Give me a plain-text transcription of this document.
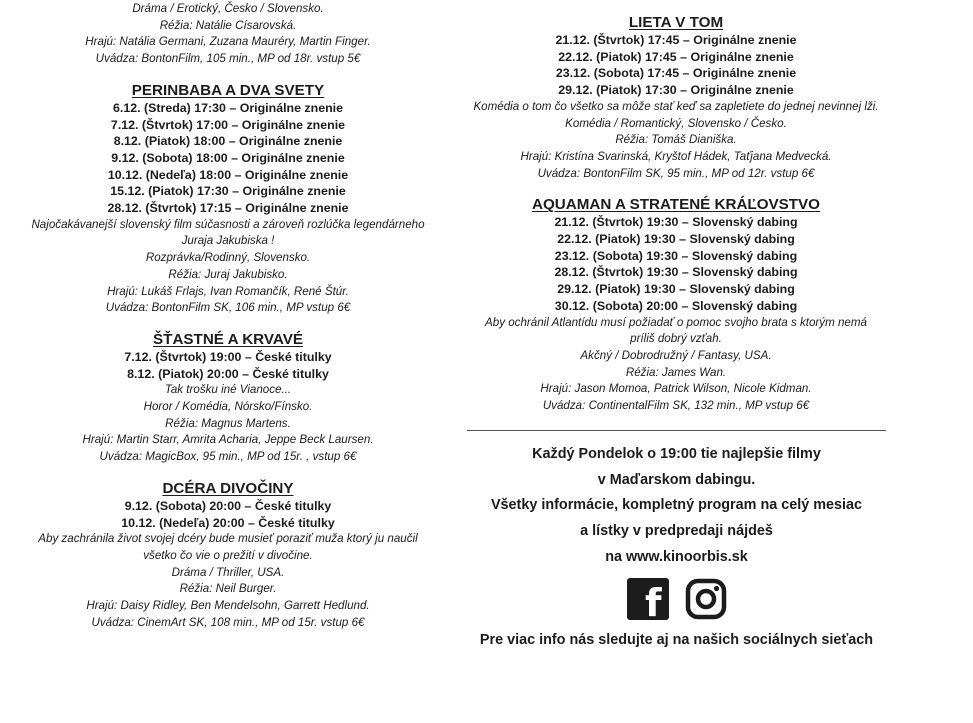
Dráma / Erotický, Česko / Slovensko.
Réžia: Natálie Císarovská.
Hrajú: Natália Germani, Zuzana Mauréry, Martin Finger.
Uvádza: BontonFilm, 105 min., MP od 18r. vstup 5€
PERINBABA A DVA SVETY
6.12. (Streda) 17:30 – Originálne znenie
7.12. (Štvrtok) 17:00 – Originálne znenie
8.12. (Piatok) 18:00 – Originálne znenie
9.12. (Sobota) 18:00 – Originálne znenie
10.12. (Nedeľa) 18:00 – Originálne znenie
15.12. (Piatok) 17:30 – Originálne znenie
28.12. (Štvrtok) 17:15 – Originálne znenie
Najočakávanejší slovenský film súčasnosti a zároveň rozlúčka legendárneho
Juraja Jakubiska !
Rozprávka/Rodinný, Slovensko.
Réžia: Juraj Jakubisko.
Hrajú: Lukáš Frlajs, Ivan Romančík, René Štúr.
Uvádza: BontonFilm SK, 106 min., MP vstup 6€
ŠŤASTNÉ A KRVAVÉ
7.12. (Štvrtok) 19:00 – České titulky
8.12. (Piatok) 20:00 – České titulky
Tak trošku iné Vianoce...
Horor / Komédia, Nórsko/Fínsko.
Réžia: Magnus Martens.
Hrajú: Martin Starr, Amrita Acharia, Jeppe Beck Laursen.
Uvádza: MagicBox, 95 min., MP od 15r. , vstup 6€
DCÉRA DIVOČINY
9.12. (Sobota) 20:00 – České titulky
10.12. (Nedeľa) 20:00 – České titulky
Aby zachránila život svojej dcéry bude musieť poraziť muža ktorý ju naučil
všetko čo vie o prežití v divočine.
Dráma / Thriller, USA.
Réžia: Neil Burger.
Hrajú: Daisy Ridley, Ben Mendelsohn, Garrett Hedlund.
Uvádza: CinemArt SK, 108 min., MP od 15r. vstup 6€
LIETA V TOM
21.12. (Štvrtok) 17:45 – Originálne znenie
22.12. (Piatok) 17:45 – Originálne znenie
23.12. (Sobota) 17:45 – Originálne znenie
29.12. (Piatok) 17:30 – Originálne znenie
Komédia o tom čo všetko sa môže stať keď sa zapletiete do jednej nevinnej lži.
Komédia / Romantický, Slovensko / Česko.
Réžia: Tomáš Dianiška.
Hrajú: Kristína Svarinská, Kryštof Hádek, Taťjana Medvecká.
Uvádza: BontonFilm SK, 95 min., MP od 12r. vstup 6€
AQUAMAN A STRATENÉ KRÁĽOVSTVO
21.12. (Štvrtok) 19:30 – Slovenský dabing
22.12. (Piatok) 19:30 – Slovenský dabing
23.12. (Sobota) 19:30 – Slovenský dabing
28.12. (Štvrtok) 19:30 – Slovenský dabing
29.12. (Piatok) 19:30 – Slovenský dabing
30.12. (Sobota) 20:00 – Slovenský dabing
Aby ochránil Atlantídu musí požiadať o pomoc svojho brata s ktorým nemá
príliš dobrý vzťah.
Akčný / Dobrodružný / Fantasy, USA.
Réžia: James Wan.
Hrajú: Jason Momoa, Patrick Wilson, Nicole Kidman.
Uvádza: ContinentalFilm SK, 132 min., MP vstup 6€
Každý Pondelok o 19:00 tie najlepšie filmy
v Maďarskom dabingu.
Všetky informácie, kompletný program na celý mesiac
a lístky v predpredaji nájdeš
na www.kinoorbis.sk
f
Pre viac info nás sledujte aj na našich sociálnych sieťach
